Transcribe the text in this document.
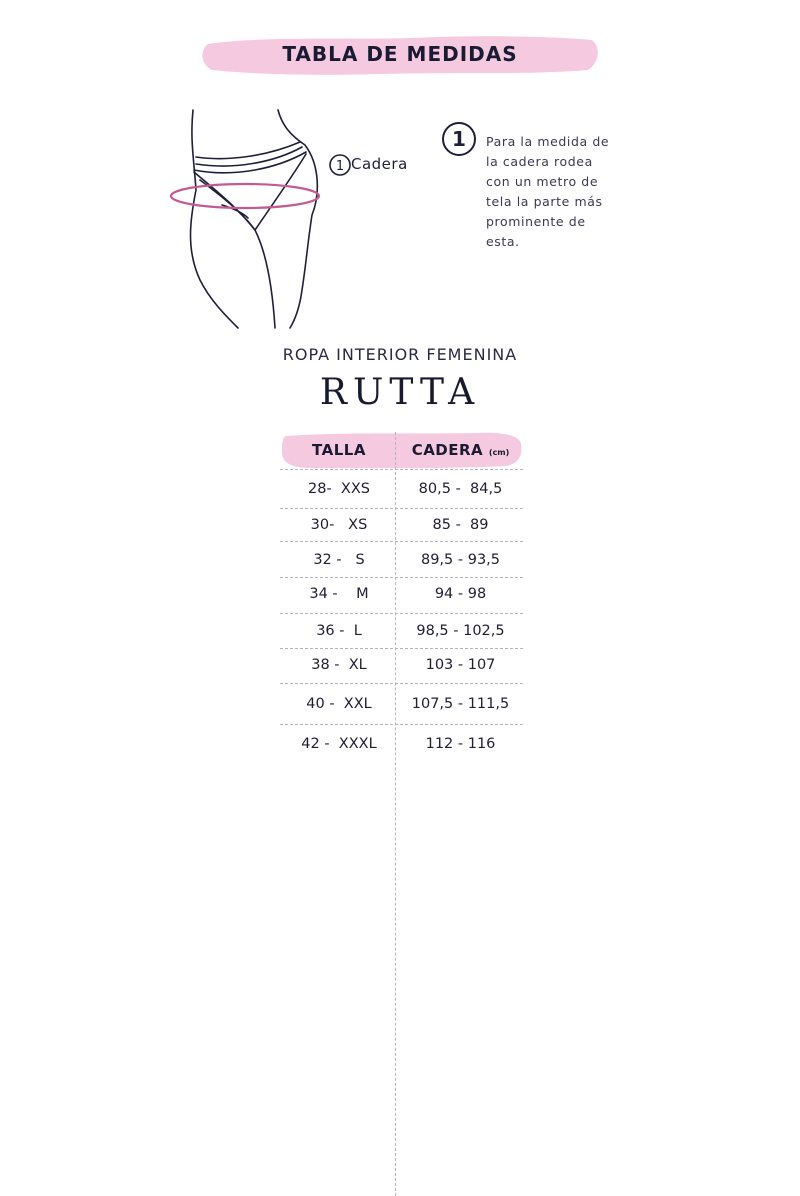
TABLA DE MEDIDAS
1 Cadera
1 Para la medida de
la cadera rodea
con un metro de
tela la parte más
prominente de
esta.
ROPA INTERIOR FEMENINA
RUTTA
TALLA	CADERA (cm)
28-  XXS	80,5 -  84,5
30-   XS	85 -  89
32 -   S	89,5 - 93,5
34 -    M	94 - 98
36 -  L	98,5 - 102,5
38 -  XL	103 - 107
40 -  XXL	107,5 - 111,5
42 -  XXXL	112 - 116
